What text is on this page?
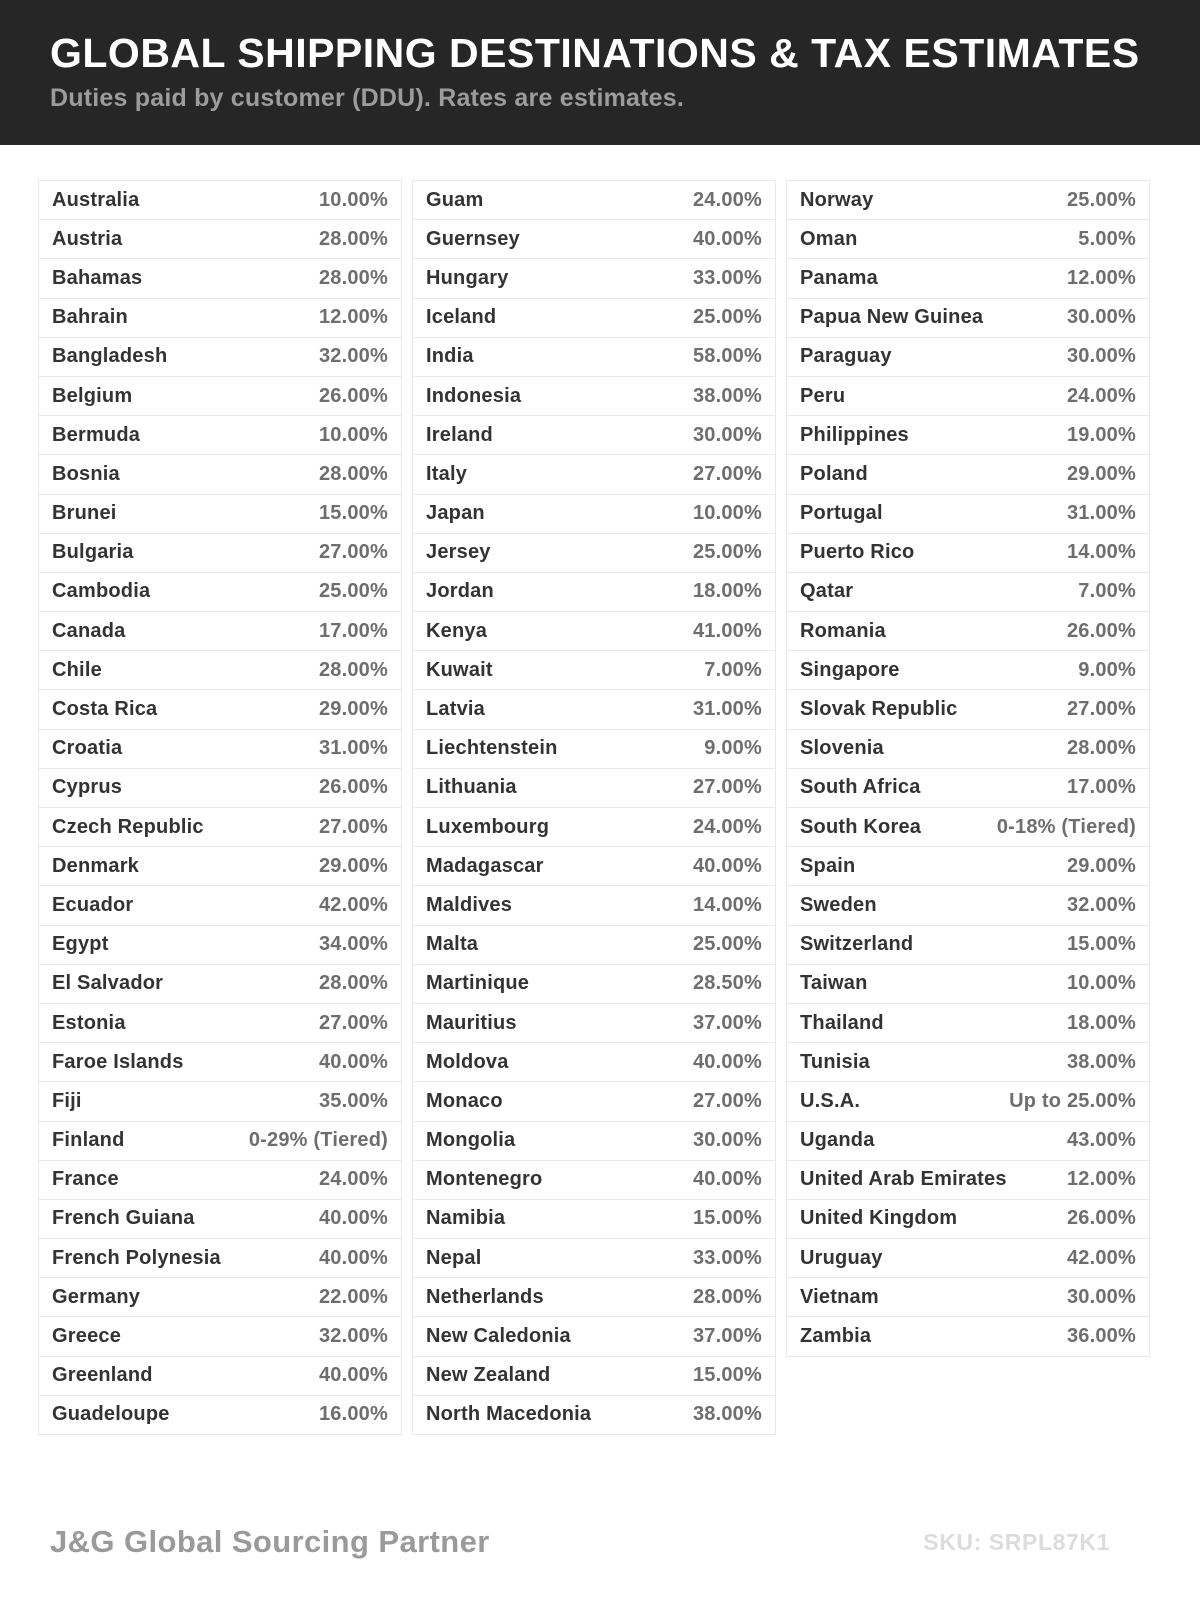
GLOBAL SHIPPING DESTINATIONS & TAX ESTIMATES
Duties paid by customer (DDU). Rates are estimates.
Australia	10.00%
Austria	28.00%
Bahamas	28.00%
Bahrain	12.00%
Bangladesh	32.00%
Belgium	26.00%
Bermuda	10.00%
Bosnia	28.00%
Brunei	15.00%
Bulgaria	27.00%
Cambodia	25.00%
Canada	17.00%
Chile	28.00%
Costa Rica	29.00%
Croatia	31.00%
Cyprus	26.00%
Czech Republic	27.00%
Denmark	29.00%
Ecuador	42.00%
Egypt	34.00%
El Salvador	28.00%
Estonia	27.00%
Faroe Islands	40.00%
Fiji	35.00%
Finland	0-29% (Tiered)
France	24.00%
French Guiana	40.00%
French Polynesia	40.00%
Germany	22.00%
Greece	32.00%
Greenland	40.00%
Guadeloupe	16.00%
Guam	24.00%
Guernsey	40.00%
Hungary	33.00%
Iceland	25.00%
India	58.00%
Indonesia	38.00%
Ireland	30.00%
Italy	27.00%
Japan	10.00%
Jersey	25.00%
Jordan	18.00%
Kenya	41.00%
Kuwait	7.00%
Latvia	31.00%
Liechtenstein	9.00%
Lithuania	27.00%
Luxembourg	24.00%
Madagascar	40.00%
Maldives	14.00%
Malta	25.00%
Martinique	28.50%
Mauritius	37.00%
Moldova	40.00%
Monaco	27.00%
Mongolia	30.00%
Montenegro	40.00%
Namibia	15.00%
Nepal	33.00%
Netherlands	28.00%
New Caledonia	37.00%
New Zealand	15.00%
North Macedonia	38.00%
Norway	25.00%
Oman	5.00%
Panama	12.00%
Papua New Guinea	30.00%
Paraguay	30.00%
Peru	24.00%
Philippines	19.00%
Poland	29.00%
Portugal	31.00%
Puerto Rico	14.00%
Qatar	7.00%
Romania	26.00%
Singapore	9.00%
Slovak Republic	27.00%
Slovenia	28.00%
South Africa	17.00%
South Korea	0-18% (Tiered)
Spain	29.00%
Sweden	32.00%
Switzerland	15.00%
Taiwan	10.00%
Thailand	18.00%
Tunisia	38.00%
U.S.A.	Up to 25.00%
Uganda	43.00%
United Arab Emirates	12.00%
United Kingdom	26.00%
Uruguay	42.00%
Vietnam	30.00%
Zambia	36.00%
J&G Global Sourcing Partner	SKU: SRPL87K1
